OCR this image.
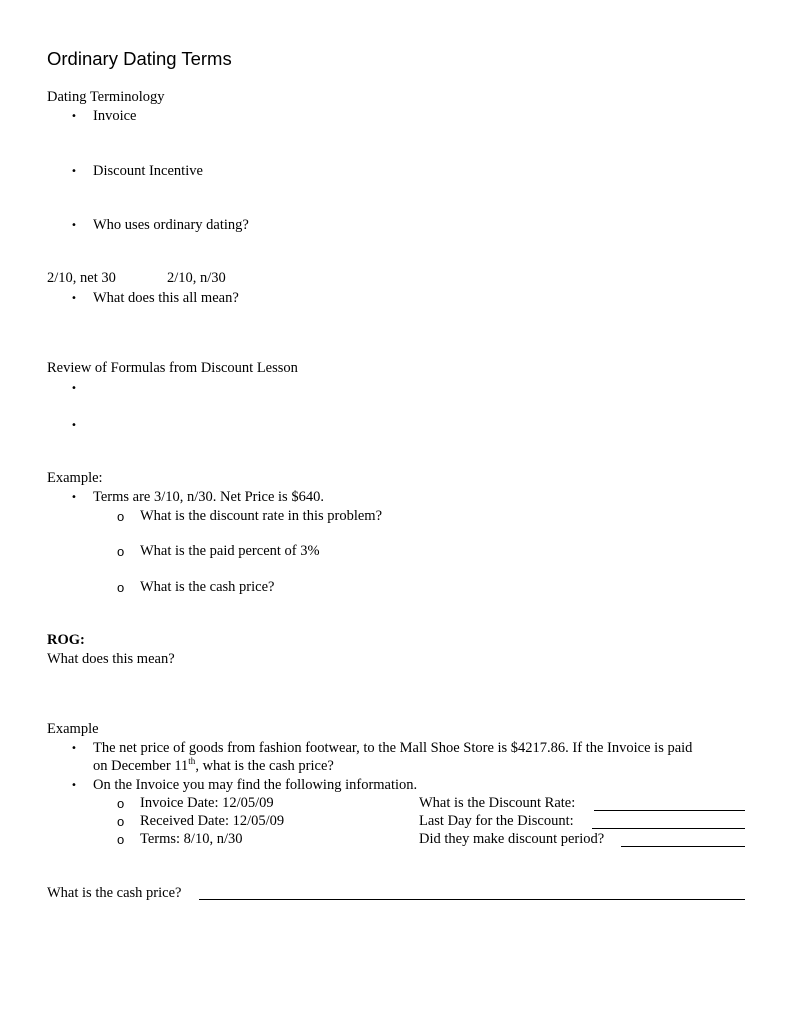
Ordinary Dating Terms
Dating Terminology
• Invoice
• Discount Incentive
• Who uses ordinary dating?
2/10, net 30	2/10, n/30
• What does this all mean?
Review of Formulas from Discount Lesson
•
•
Example:
• Terms are 3/10, n/30. Net Price is $640.
o What is the discount rate in this problem?
o What is the paid percent of 3%
o What is the cash price?
ROG:
What does this mean?
Example
• The net price of goods from fashion footwear, to the Mall Shoe Store is $4217.86. If the Invoice is paid
on December 11th, what is the cash price?
• On the Invoice you may find the following information.
o Invoice Date: 12/05/09	What is the Discount Rate:
o Received Date: 12/05/09	Last Day for the Discount:
o Terms: 8/10, n/30	Did they make discount period?
What is the cash price?
